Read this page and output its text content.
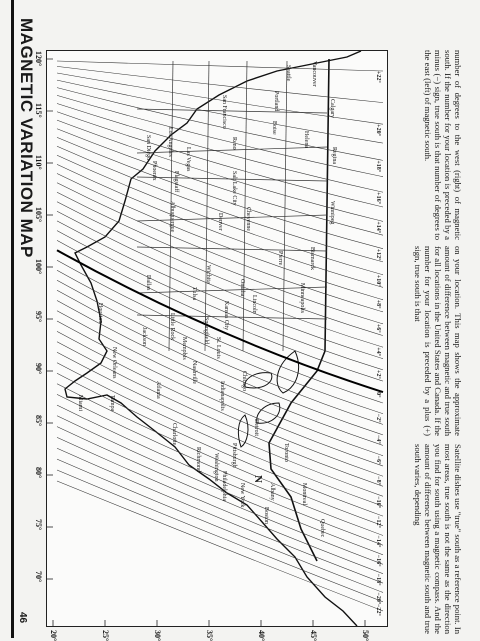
MAGNETIC VARIATION MAP
46
120°
115°
110°
105°
100°
95°
90°
85°
80°
75°
70°
20°	25°	30°	35°	40°	45°	50°
+22°
+20°
+18°
+16°
+14°
+12°
+10°
+8°
+6°
+4°
+2°
0°
−2°
−4°
−6°
−8°
−10°
−12°
−14°
−16°
−18°
−20°
−22°
Vancouver
Seattle
Portland	Calgary
Regina
Winnipeg
Helena
Boise
Reno
San Francisco
Los Angeles
San Diego	Las Vegas
Phoenix
Flagstaff	Salt Lake City
Cheyenne
Denver
Albuquerque
Bismarck
Pierre
Minneapolis
Omaha
Lincoln
Wichita
Tulsa
Dallas
Houston	Kansas City
Springfield
Little Rock
Jackson
New Orleans	Memphis
Nashville
St. Louis
Chicago
Indianapolis
Detroit
Atlanta
Miami	Tampa
Charlotte
Richmond Washington Pittsburgh
Philadelphia New York
Boston
Albany	Montreal
Toronto
Quebec
N	Satellite dishes use "true" south as a reference point. In most areas, true south is not the same as the direction you find for south using a magnetic compass. And the amount of difference between magnetic south and true south varies, depending

on your location. This map shows the approximate amount of difference between magnetic and true south for all locations in the United States and Canada. If the number for your location is preceded by a plus (+) sign, true south is that

number of degrees to the west (right) of magnetic south. If the number for your location is preceded by a minus (−) sign, true south is that number of degrees to the east (left) of magnetic south.
